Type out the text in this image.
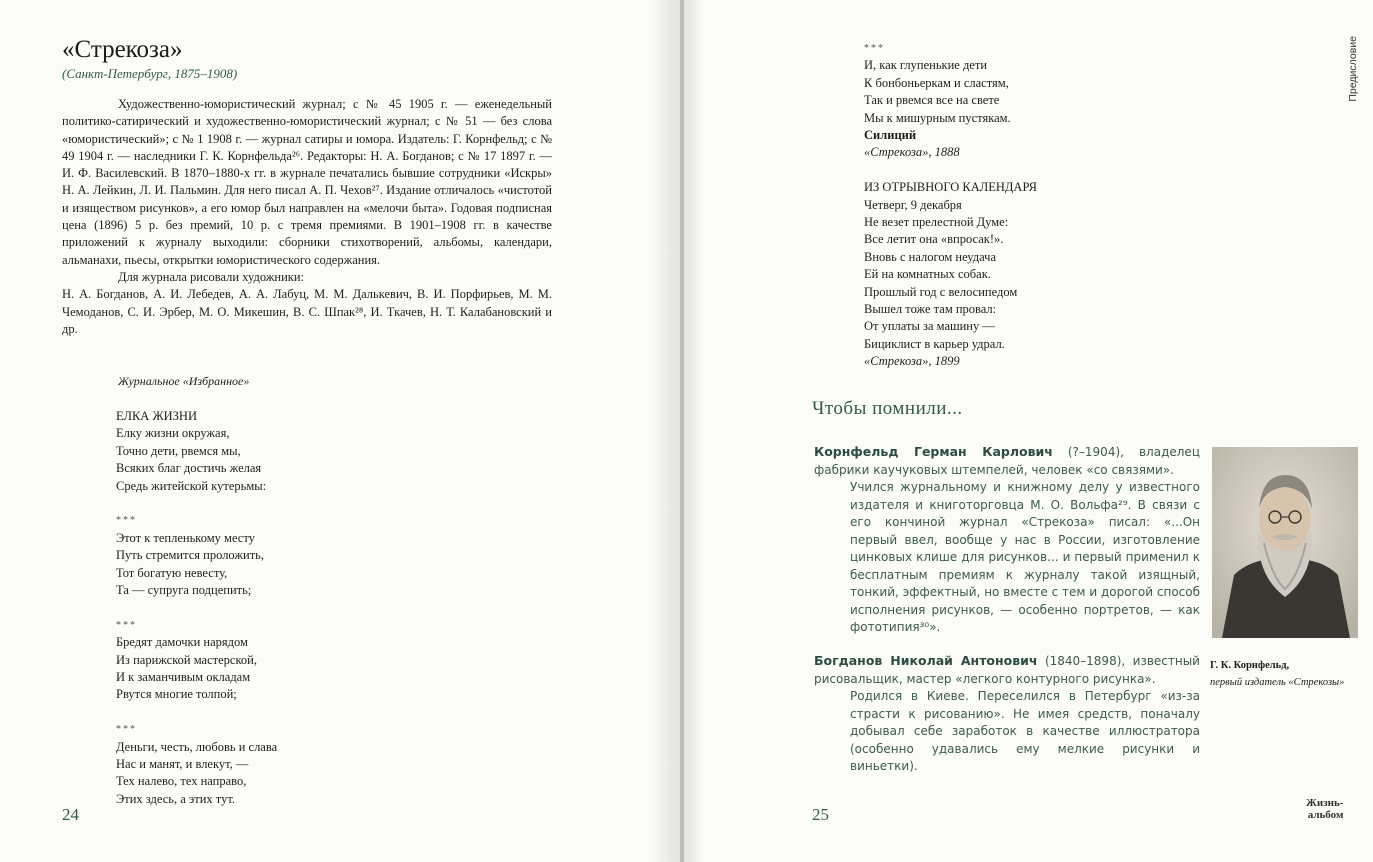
«Стрекоза»
(Санкт-Петербург, 1875–1908)

Художественно-юмористический журнал; с № 45 1905 г. — еженедельный политико-сатирический и художественно-юмористический журнал; с № 51 — без слова «юмористический»; с № 1 1908 г. — журнал сатиры и юмора. Издатель: Г. Корнфельд; с № 49 1904 г. — наследники Г. К. Корнфельда²⁶. Редакторы: Н. А. Богданов; с № 17 1897 г. — И. Ф. Василевский. В 1870–1880-х гг. в журнале печатались бывшие сотрудники «Искры» Н. А. Лейкин, Л. И. Пальмин. Для него писал А. П. Чехов²⁷. Издание отличалось «чистотой и изяществом рисунков», а его юмор был направлен на «мелочи быта». Годовая подписная цена (1896) 5 р. без премий, 10 р. с тремя премиями. В 1901–1908 гг. в качестве приложений к журналу выходили: сборники стихотворений, альбомы, календари, альманахи, пьесы, открытки юмористического содержания.

Для журнала рисовали художники:

Н. А. Богданов, А. И. Лебедев, А. А. Лабуц, М. М. Далькевич, В. И. Порфирьев, М. М. Чемоданов, С. И. Эрбер, М. О. Микешин, В. С. Шпак²⁸, И. Ткачев, Н. Т. Калабановский и др.

Журнальное «Избранное»
ЕЛКА ЖИЗНИ
Елку жизни окружая,
Точно дети, рвемся мы,
Всяких благ достичь желая
Средь житейской кутерьмы:
***
Этот к тепленькому месту
Путь стремится проложить,
Тот богатую невесту,
Та — супруга подцепить;
***
Бредят дамочки нарядом
Из парижской мастерской,
И к заманчивым окладам
Рвутся многие толпой;
***
Деньги, честь, любовь и слава
Нас и манят, и влекут, —
Тех налево, тех направо,
Этих здесь, а этих тут.
24
Предисловие
***
И, как глупенькие дети
К бонбоньеркам и сластям,
Так и рвемся все на свете
Мы к мишурным пустякам.
Силиций
«Стрекоза», 1888
ИЗ ОТРЫВНОГО КАЛЕНДАРЯ
Четверг, 9 декабря
Не везет прелестной Думе:
Все летит она «впросак!».
Вновь с налогом неудача
Ей на комнатных собак.
Прошлый год с велосипедом
Вышел тоже там провал:
От уплаты за машину —
Бициклист в карьер удрал.
«Стрекоза», 1899
Чтобы помнили...
Корнфельд Герман Карлович (?–1904), владелец фабрики каучуковых штемпелей, человек «со связями».
Учился журнальному и книжному делу у известного издателя и книготорговца М. О. Вольфа²⁹. В связи с его кончиной журнал «Стрекоза» писал: «...Он первый ввел, вообще у нас в России, изготовление цинковых клише для рисунков... и первый применил к бесплатным премиям к журналу такой изящный, тонкий, эффектный, но вместе с тем и дорогой способ исполнения рисунков, — особенно портретов, — как фототипия³⁰».
Богданов Николай Антонович (1840–1898), известный рисовальщик, мастер «легкого контурного рисунка».
Родился в Киеве. Переселился в Петербург «из-за страсти к рисованию». Не имея средств, поначалу добывал себе заработок в качестве иллюстратора (особенно удавались ему мелкие рисунки и виньетки).
Г. К. Корнфельд,
первый издатель «Стрекозы»
25
Жизнь-
альбом
